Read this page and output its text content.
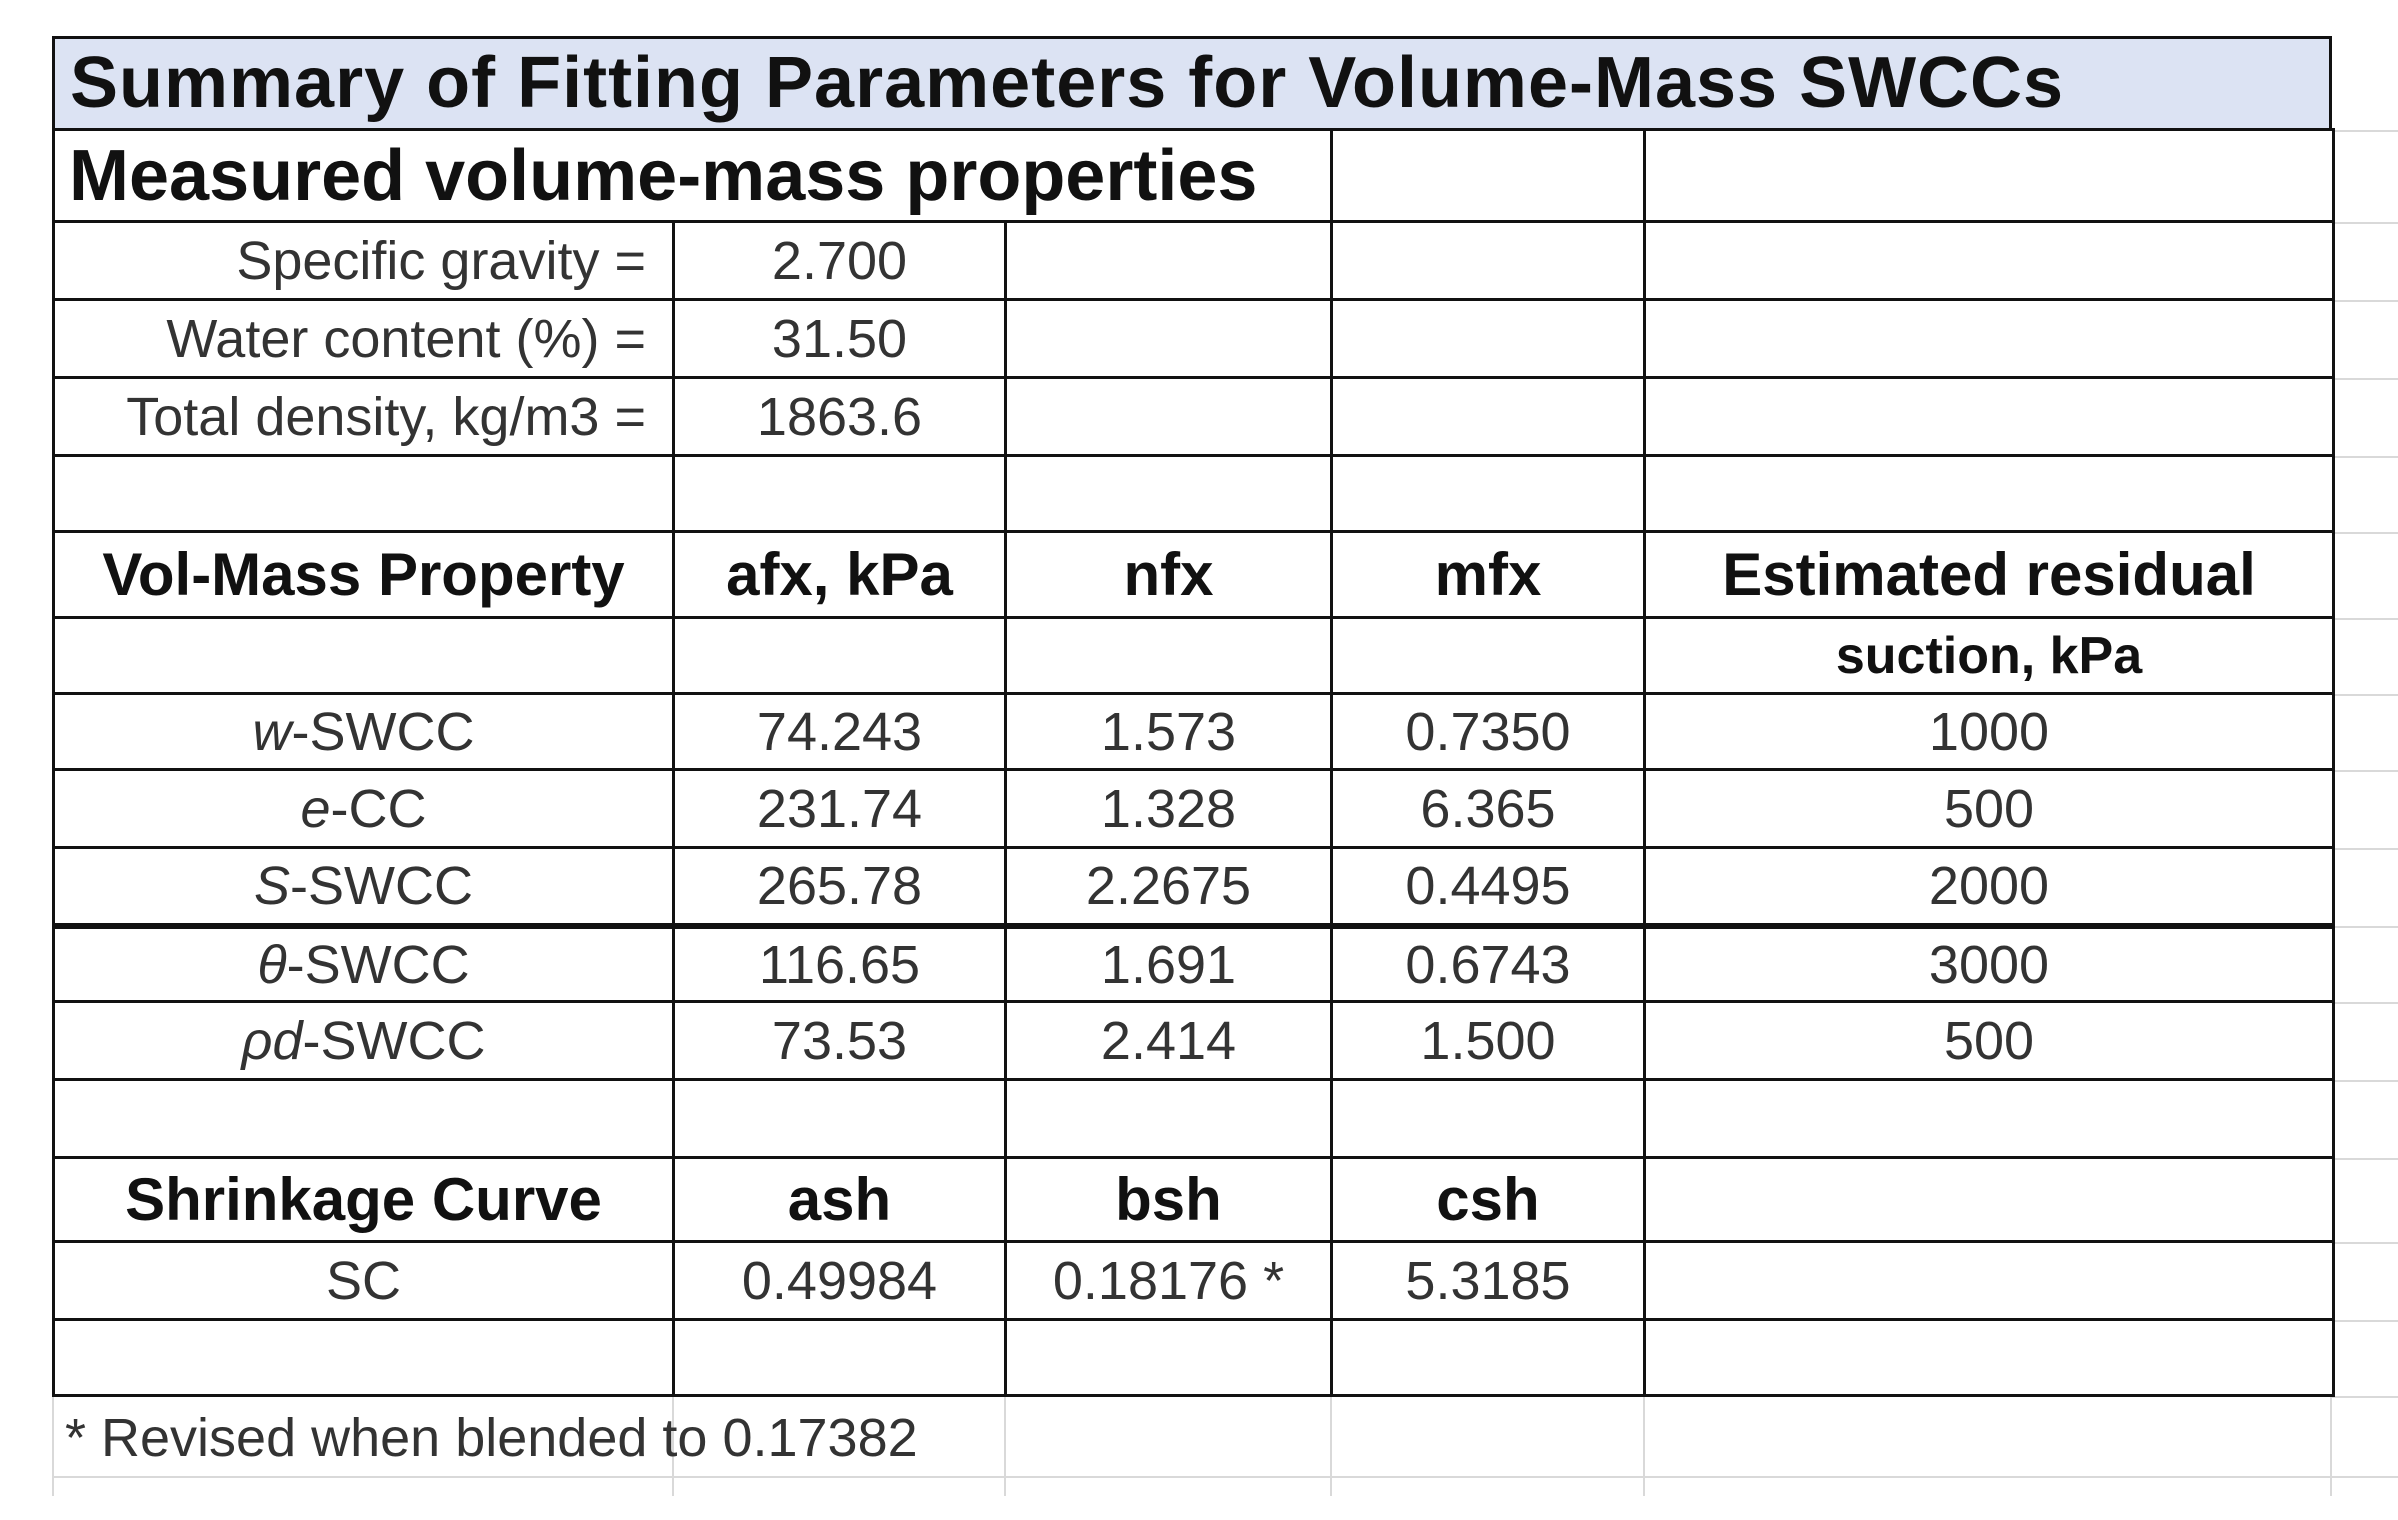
Summary of Fitting Parameters for Volume-Mass SWCCs
Measured volume-mass properties
Specific gravity =	2.700
Water content (%) =	31.50
Total density, kg/m3 =	1863.6
Vol-Mass Property	afx, kPa	nfx	mfx	Estimated residual
suction, kPa
w -SWCC	74.243	1.573	0.7350	1000
e -CC	231.74	1.328	6.365	500
S -SWCC	265.78	2.2675	0.4495	2000
θ -SWCC	116.65	1.691	0.6743	3000
ρd -SWCC	73.53	2.414	1.500	500
Shrinkage Curve	ash	bsh	csh
SC	0.49984	0.18176 *	5.3185
* Revised when blended to 0.17382
